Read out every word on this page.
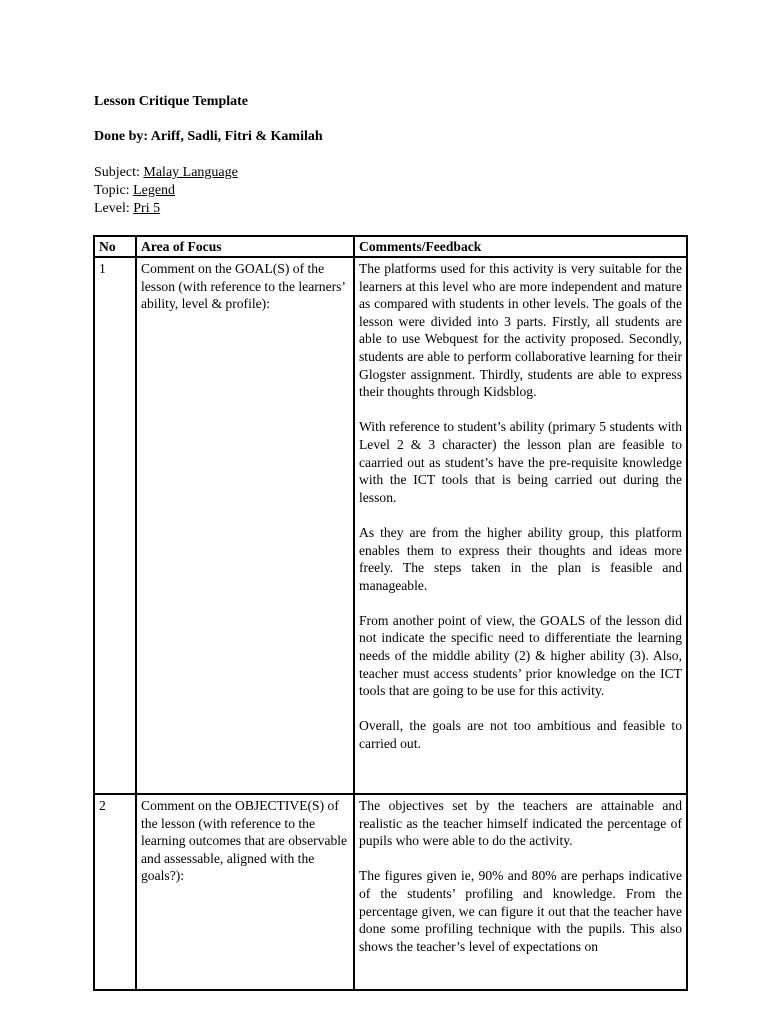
Lesson Critique Template
Done by: Ariff, Sadli, Fitri & Kamilah
Subject: Malay Language
Topic: Legend
Level: Pri 5
No	Area of Focus	Comments/Feedback
1	Comment on the GOAL(S) of the lesson (with reference to the learners’ ability, level & profile):	The platforms used for this activity is very suitable for the learners at this level who are more independent and mature as compared with students in other levels. The goals of the lesson were divided into 3 parts. Firstly, all students are able to use Webquest for the activity proposed. Secondly, students are able to perform collaborative learning for their Glogster assignment. Thirdly, students are able to express their thoughts through Kidsblog.

With reference to student’s ability (primary 5 students with Level 2 & 3 character) the lesson plan are feasible to caarried out as student’s have the pre-requisite knowledge with the ICT tools that is being carried out during the lesson.

As they are from the higher ability group, this platform enables them to express their thoughts and ideas more freely. The steps taken in the plan is feasible and manageable.

From another point of view, the GOALS of the lesson did not indicate the specific need to differentiate the learning needs of the middle ability (2) & higher ability (3). Also, teacher must access students’ prior knowledge on the ICT tools that are going to be use for this activity.

Overall, the goals are not too ambitious and feasible to carried out.

2	Comment on the OBJECTIVE(S) of the lesson (with reference to the learning outcomes that are observable and assessable, aligned with the goals?):	The objectives set by the teachers are attainable and realistic as the teacher himself indicated the percentage of pupils who were able to do the activity.

The figures given ie, 90% and 80% are perhaps indicative of the students’ profiling and knowledge. From the percentage given, we can figure it out that the teacher have done some profiling technique with the pupils. This also shows the teacher’s level of expectations on
